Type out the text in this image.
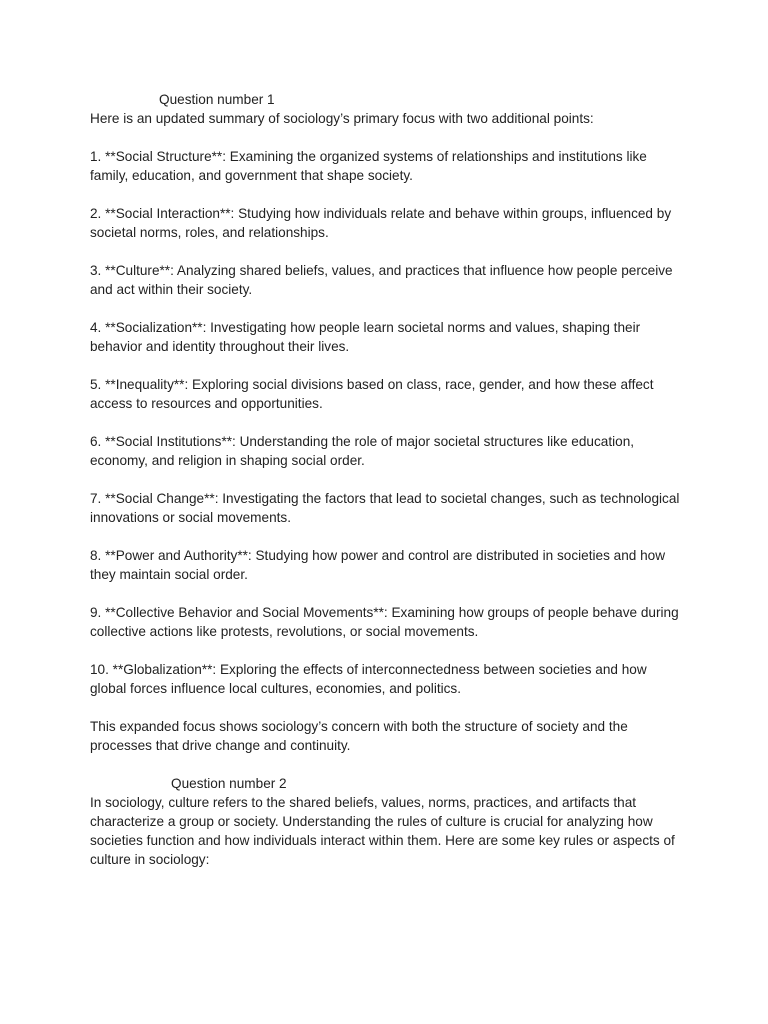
Question number 1

Here is an updated summary of sociology’s primary focus with two additional points:

1. **Social Structure**: Examining the organized systems of relationships and institutions like family, education, and government that shape society.

2. **Social Interaction**: Studying how individuals relate and behave within groups, influenced by societal norms, roles, and relationships.

3. **Culture**: Analyzing shared beliefs, values, and practices that influence how people perceive and act within their society.

4. **Socialization**: Investigating how people learn societal norms and values, shaping their behavior and identity throughout their lives.

5. **Inequality**: Exploring social divisions based on class, race, gender, and how these affect access to resources and opportunities.

6. **Social Institutions**: Understanding the role of major societal structures like education, economy, and religion in shaping social order.

7. **Social Change**: Investigating the factors that lead to societal changes, such as technological innovations or social movements.

8. **Power and Authority**: Studying how power and control are distributed in societies and how they maintain social order.

9. **Collective Behavior and Social Movements**: Examining how groups of people behave during collective actions like protests, revolutions, or social movements.

10. **Globalization**: Exploring the effects of interconnectedness between societies and how global forces influence local cultures, economies, and politics.

This expanded focus shows sociology’s concern with both the structure of society and the processes that drive change and continuity.

Question number 2

In sociology, culture refers to the shared beliefs, values, norms, practices, and artifacts that characterize a group or society. Understanding the rules of culture is crucial for analyzing how societies function and how individuals interact within them. Here are some key rules or aspects of culture in sociology:
